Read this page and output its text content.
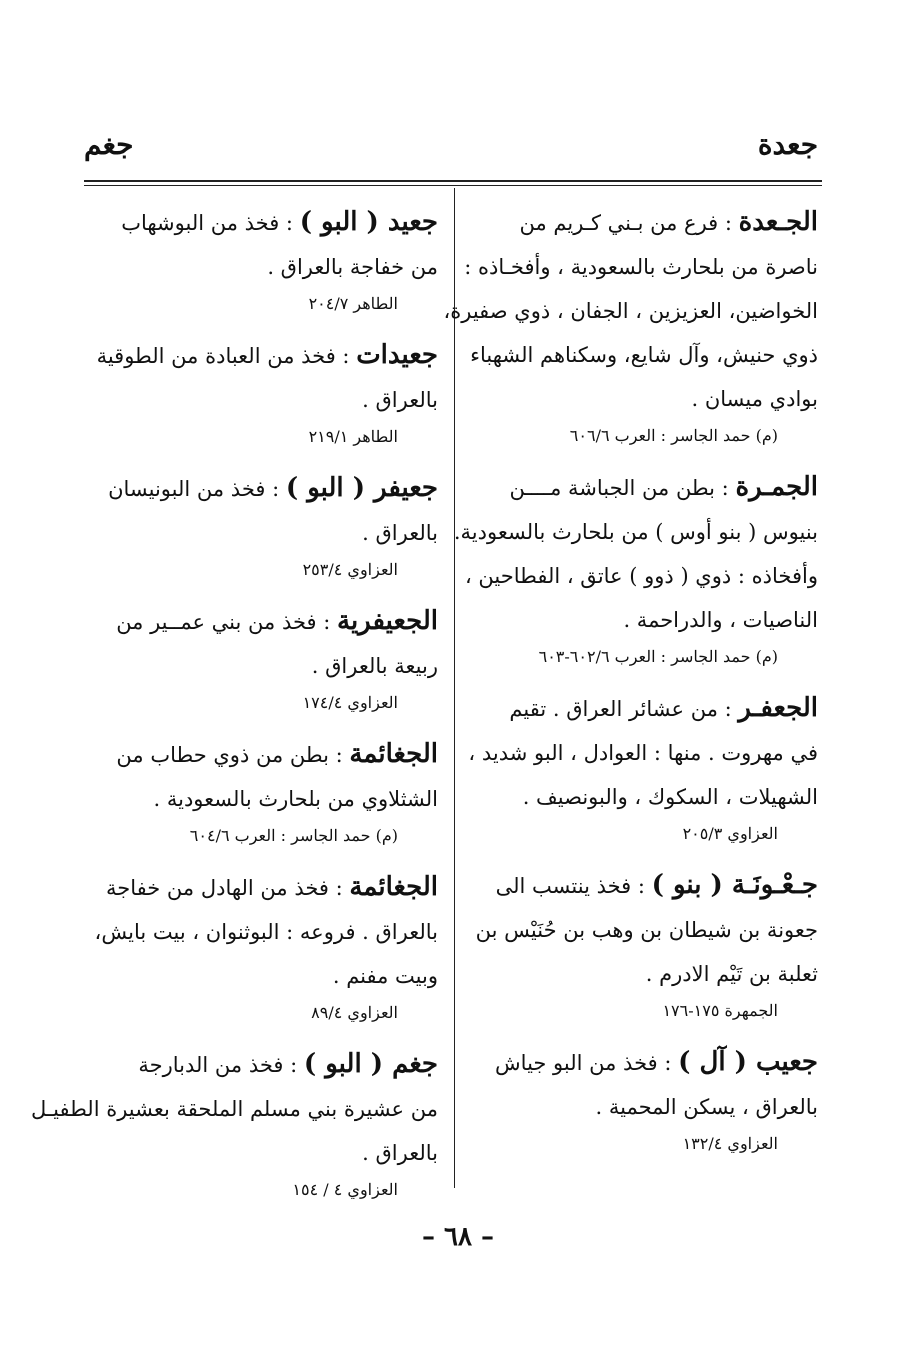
جعدة
جغم
الجـعدة : فرع من بـني كـريم من
ناصرة من بلحارث بالسعودية ، وأفخـاذه :
الخواضين، العزيزين ، الجفان ، ذوي صفيرة،
ذوي حنيش، وآل شايع، وسكناهم الشهباء
بوادي ميسان .
(م) حمد الجاسر : العرب ٦٠٦/٦
الجمـرة : بطن من الجباشة مــــن
بنيوس ( بنو أوس ) من بلحارث بالسعودية.
وأفخاذه : ذوي ( ذوو ) عاتق ، الفطاحين ،
الناصيات ، والدراحمة .
(م) حمد الجاسر : العرب ٦٠٢/٦-٦٠٣
الجعفـر : من عشائر العراق . تقيم
في مهروت . منها : العوادل ، البو شديد ،
الشهيلات ، السكوك ، والبونصيف .
العزاوي ٢٠٥/٣
جـعْـونَـة ( بنو ) : فخذ ينتسب الى
جعونة بن شيطان بن وهب بن حُنَيْس بن
ثعلبة بن تَيْم الادرم .
الجمهرة ١٧٥-١٧٦
جعيب ( آل ) : فخذ من البو جياش
بالعراق ، يسكن المحمية .
العزاوي ١٣٢/٤
جعيد ( البو ) : فخذ من البوشهاب
من خفاجة بالعراق .
الطاهر ٢٠٤/٧
جعيدات : فخذ من العبادة من الطوقية
بالعراق .
الطاهر ٢١٩/١
جعيفر ( البو ) : فخذ من البونيسان
بالعراق .
العزاوي ٢٥٣/٤
الجعيفرية : فخذ من بني عمــير من
ربيعة بالعراق .
العزاوي ١٧٤/٤
الجغائمة : بطن من ذوي حطاب من
الشثلاوي من بلحارث بالسعودية .
(م) حمد الجاسر : العرب ٦٠٤/٦
الجغائمة : فخذ من الهادل من خفاجة
بالعراق . فروعه : البوثنوان ، بيت بايش،
وبيت مفنم .
العزاوي ٨٩/٤
جغم ( البو ) : فخذ من الدبارجة
من عشيرة بني مسلم الملحقة بعشيرة الطفيـل
بالعراق .
العزاوي ٤ / ١٥٤
– ٦٨ –
